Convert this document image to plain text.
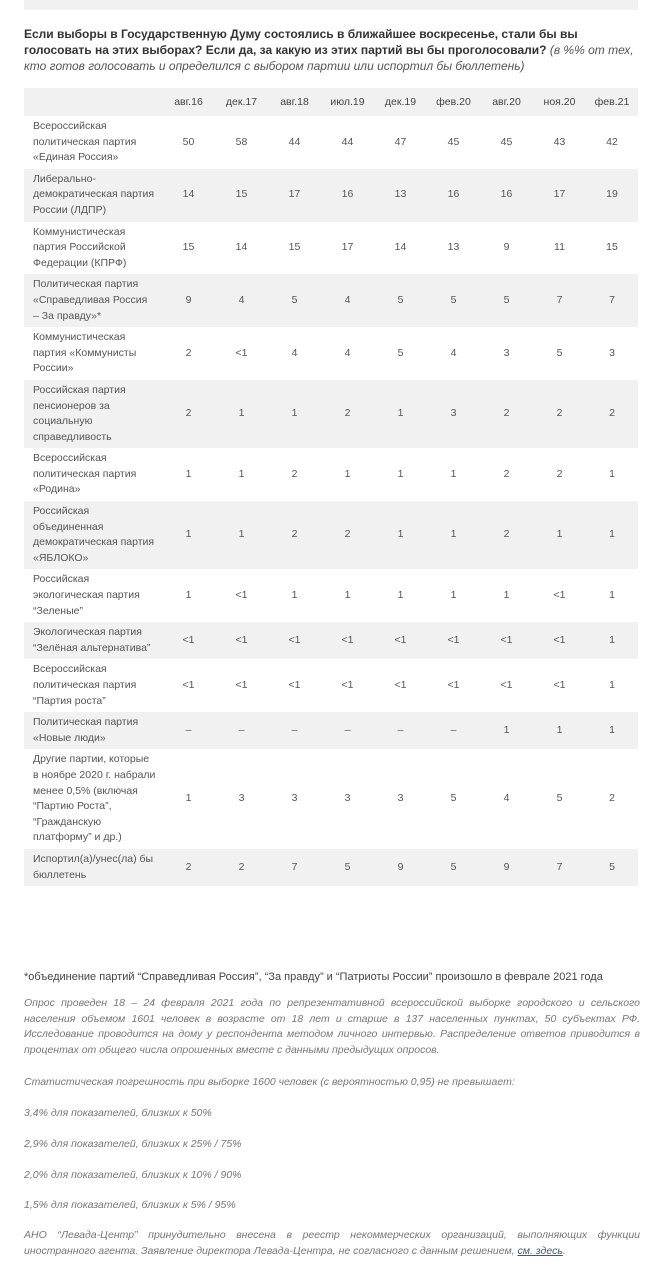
Если выборы в Государственную Думу состоялись в ближайшее воскресенье, стали бы вы голосовать на этих выборах? Если да, за какую из этих партий вы бы проголосовали? (в %% от тех, кто готов голосовать и определился с выбором партии или испортил бы бюллетень)
	авг.16	дек.17	авг.18	июл.19	дек.19	фев.20	авг.20	ноя.20	фев.21
Всероссийская политическая партия «Единая Россия»	50	58	44	44	47	45	45	43	42
Либерально-демократическая партия России (ЛДПР)	14	15	17	16	13	16	16	17	19
Коммунистическая партия Российской Федерации (КПРФ)	15	14	15	17	14	13	9	11	15
Политическая партия «Справедливая Россия – За правду»*	9	4	5	4	5	5	5	7	7
Коммунистическая партия «Коммунисты России»	2	<1	4	4	5	4	3	5	3
Российская партия пенсионеров за социальную справедливость	2	1	1	2	1	3	2	2	2
Всероссийская политическая партия «Родина»	1	1	2	1	1	1	2	2	1
Российская объединенная демократическая партия «ЯБЛОКО»	1	1	2	2	1	1	2	1	1
Российская экологическая партия “Зеленые”	1	<1	1	1	1	1	1	<1	1
Экологическая партия “Зелёная альтернатива”	<1	<1	<1	<1	<1	<1	<1	<1	1
Всероссийская политическая партия “Партия роста”	<1	<1	<1	<1	<1	<1	<1	<1	1
Политическая партия «Новые люди»	–	–	–	–	–	–	1	1	1
Другие партии, которые в ноябре 2020 г. набрали менее 0,5% (включая “Партию Роста”, “Гражданскую платформу” и др.)	1	3	3	3	3	5	4	5	2
Испортил(а)/унес(ла) бы бюллетень	2	2	7	5	9	5	9	7	5
*объединение партий “Справедливая Россия”, “За правду” и “Патриоты России” произошло в феврале 2021 года
Опрос проведен 18 – 24 февраля 2021 года по репрезентативной всероссийской выборке городского и сельского населения объемом 1601 человек в возрасте от 18 лет и старше в 137 населенных пунктах, 50 субъектах РФ. Исследование проводится на дому у респондента методом личного интервью. Распределение ответов приводится в процентах от общего числа опрошенных вместе с данными предыдущих опросов.
Статистическая погрешность при выборке 1600 человек (с вероятностью 0,95) не превышает:
3,4% для показателей, близких к 50%
2,9% для показателей, близких к 25% / 75%
2,0% для показателей, близких к 10% / 90%
1,5% для показателей, близких к 5% / 95%
АНО “Левада-Центр” принудительно внесена в реестр некоммерческих организаций, выполняющих функции иностранного агента. Заявление директора Левада-Центра, не согласного с данным решением, см. здесь.
